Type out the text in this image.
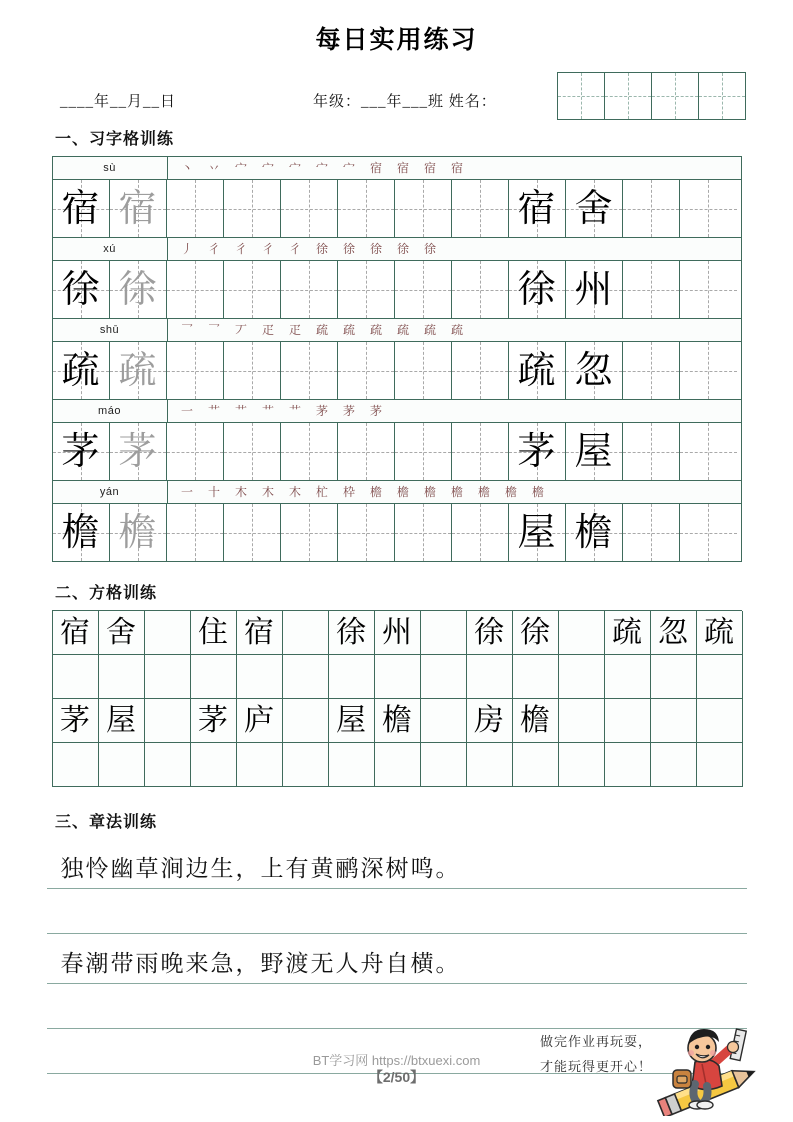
每日实用练习
____年__月__日	年级：___年___班 姓名：
一、习字格训练
sù	丶	丷	宀	宀	宀	宀	宀	宿	宿	宿	宿
宿 宿	宿 舍
xú	丿	彳	彳	彳	彳	徐	徐	徐	徐	徐
徐 徐	徐 州
shū	乛	乛	丆	疋	疋	疏	疏	疏	疏	疏	疏
疏 疏	疏 忽
máo	一	艹	艹	艹	艹	茅	茅	茅
茅 茅	茅 屋
yán	一	十	木	木	木	杧	枠	檐	檐	檐	檐	檐	檐	檐
檐 檐	屋 檐
二、方格训练
宿 舍 住 宿 徐 州 徐 徐 疏 忽 疏
茅 屋 茅 庐 屋 檐 房 檐
三、章法训练
独怜幽草涧边生，上有黄鹂深树鸣。
春潮带雨晚来急，野渡无人舟自横。
BT学习网 https://btxuexi.com
【2/50】
做完作业再玩耍，
才能玩得更开心！
